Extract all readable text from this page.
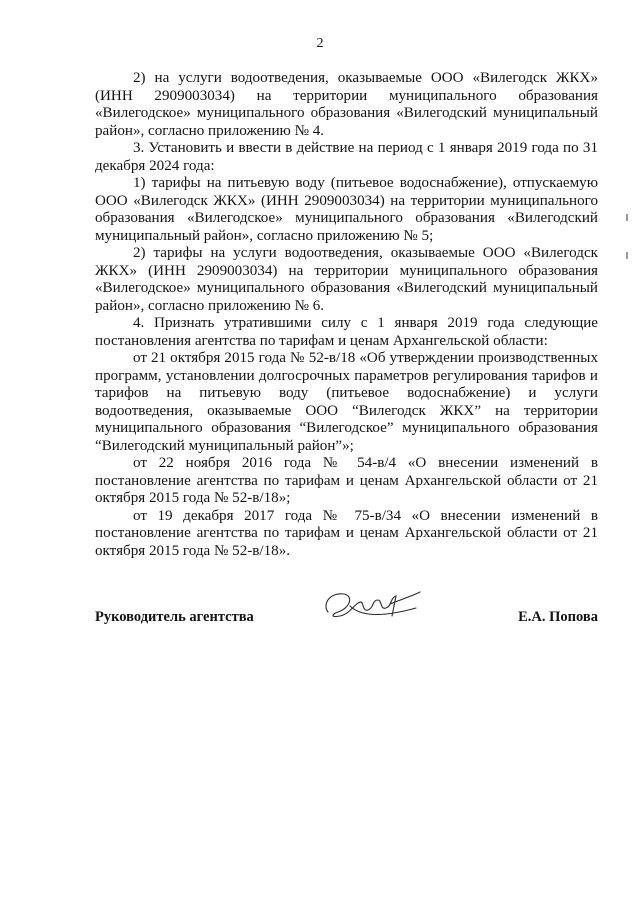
2

2) на услуги водоотведения, оказываемые ООО «Вилегодск ЖКХ» (ИНН 2909003034) на территории муниципального образования «Вилегодское» муниципального образования «Вилегодский муниципальный район», согласно приложению № 4.

3. Установить и ввести в действие на период с 1 января 2019 года по 31 декабря 2024 года:

1) тарифы на питьевую воду (питьевое водоснабжение), отпускаемую ООО «Вилегодск ЖКХ» (ИНН 2909003034) на территории муниципального образования «Вилегодское» муниципального образования «Вилегодский муниципальный район», согласно приложению № 5;

2) тарифы на услуги водоотведения, оказываемые ООО «Вилегодск ЖКХ» (ИНН 2909003034) на территории муниципального образования «Вилегодское» муниципального образования «Вилегодский муниципальный район», согласно приложению № 6.

4. Признать утратившими силу с 1 января 2019 года следующие постановления агентства по тарифам и ценам Архангельской области:

от 21 октября 2015 года № 52-в/18 «Об утверждении производственных программ, установлении долгосрочных параметров регулирования тарифов и тарифов на питьевую воду (питьевое водоснабжение) и услуги водоотведения, оказываемые ООО “Вилегодск ЖКХ” на территории муниципального образования “Вилегодское” муниципального образования “Вилегодский муниципальный район”»;

от 22 ноября 2016 года № 54-в/4 «О внесении изменений в постановление агентства по тарифам и ценам Архангельской области от 21 октября 2015 года № 52-в/18»;

от 19 декабря 2017 года № 75-в/34 «О внесении изменений в постановление агентства по тарифам и ценам Архангельской области от 21 октября 2015 года № 52-в/18».

Руководитель агентства	Е.А. Попова
